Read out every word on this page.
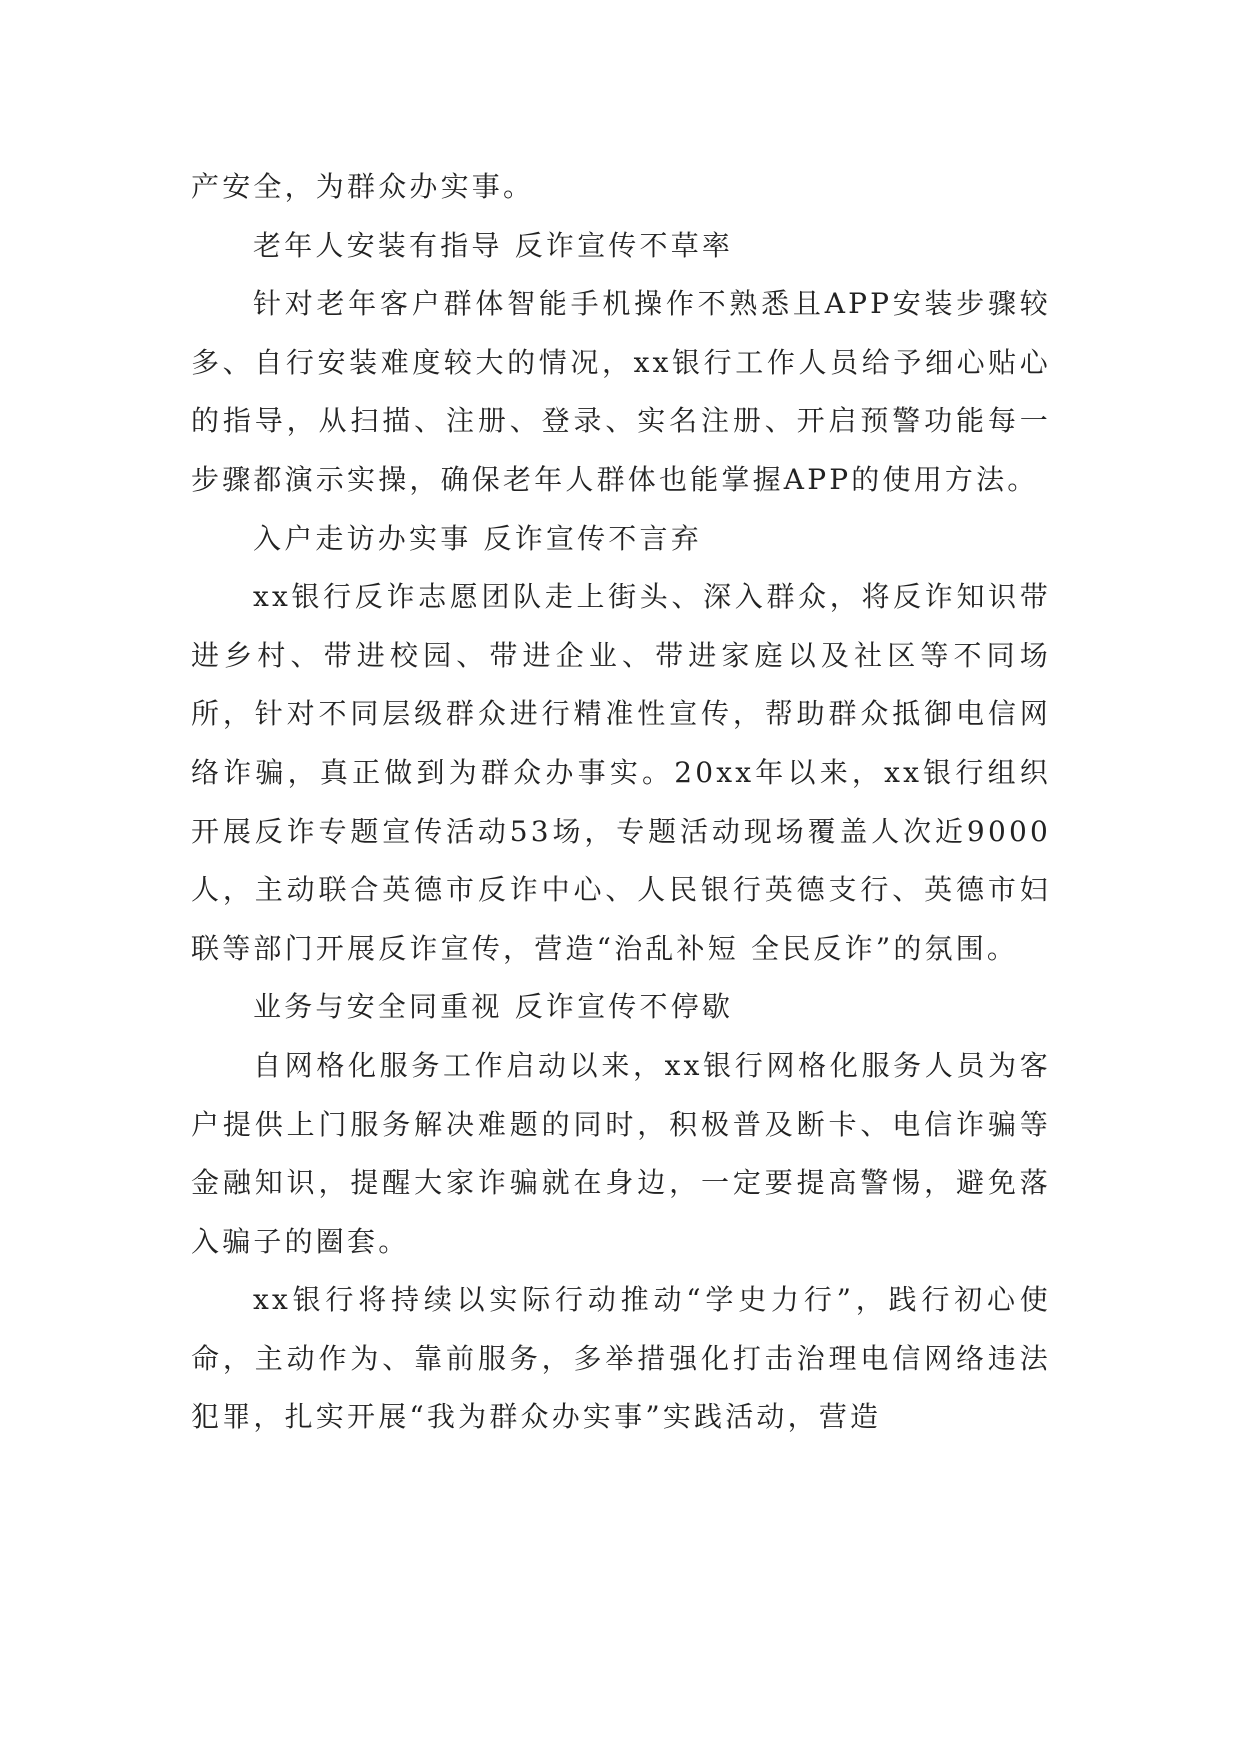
产安全，为群众办实事。

老年人安装有指导 反诈宣传不草率

针对老年客户群体智能手机操作不熟悉且APP安装步骤较多、自行安装难度较大的情况，xx银行工作人员给予细心贴心的指导，从扫描、注册、登录、实名注册、开启预警功能每一步骤都演示实操，确保老年人群体也能掌握APP的使用方法。

入户走访办实事 反诈宣传不言弃

xx银行反诈志愿团队走上街头、深入群众，将反诈知识带进乡村、带进校园、带进企业、带进家庭以及社区等不同场所，针对不同层级群众进行精准性宣传，帮助群众抵御电信网络诈骗，真正做到为群众办事实。20xx年以来，xx银行组织开展反诈专题宣传活动53场，专题活动现场覆盖人次近9000人，主动联合英德市反诈中心、人民银行英德支行、英德市妇联等部门开展反诈宣传，营造“治乱补短 全民反诈”的氛围。

业务与安全同重视 反诈宣传不停歇

自网格化服务工作启动以来，xx银行网格化服务人员为客户提供上门服务解决难题的同时，积极普及断卡、电信诈骗等金融知识，提醒大家诈骗就在身边，一定要提高警惕，避免落入骗子的圈套。

xx银行将持续以实际行动推动“学史力行”，践行初心使命，主动作为、靠前服务，多举措强化打击治理电信网络违法犯罪，扎实开展“我为群众办实事”实践活动，营造
